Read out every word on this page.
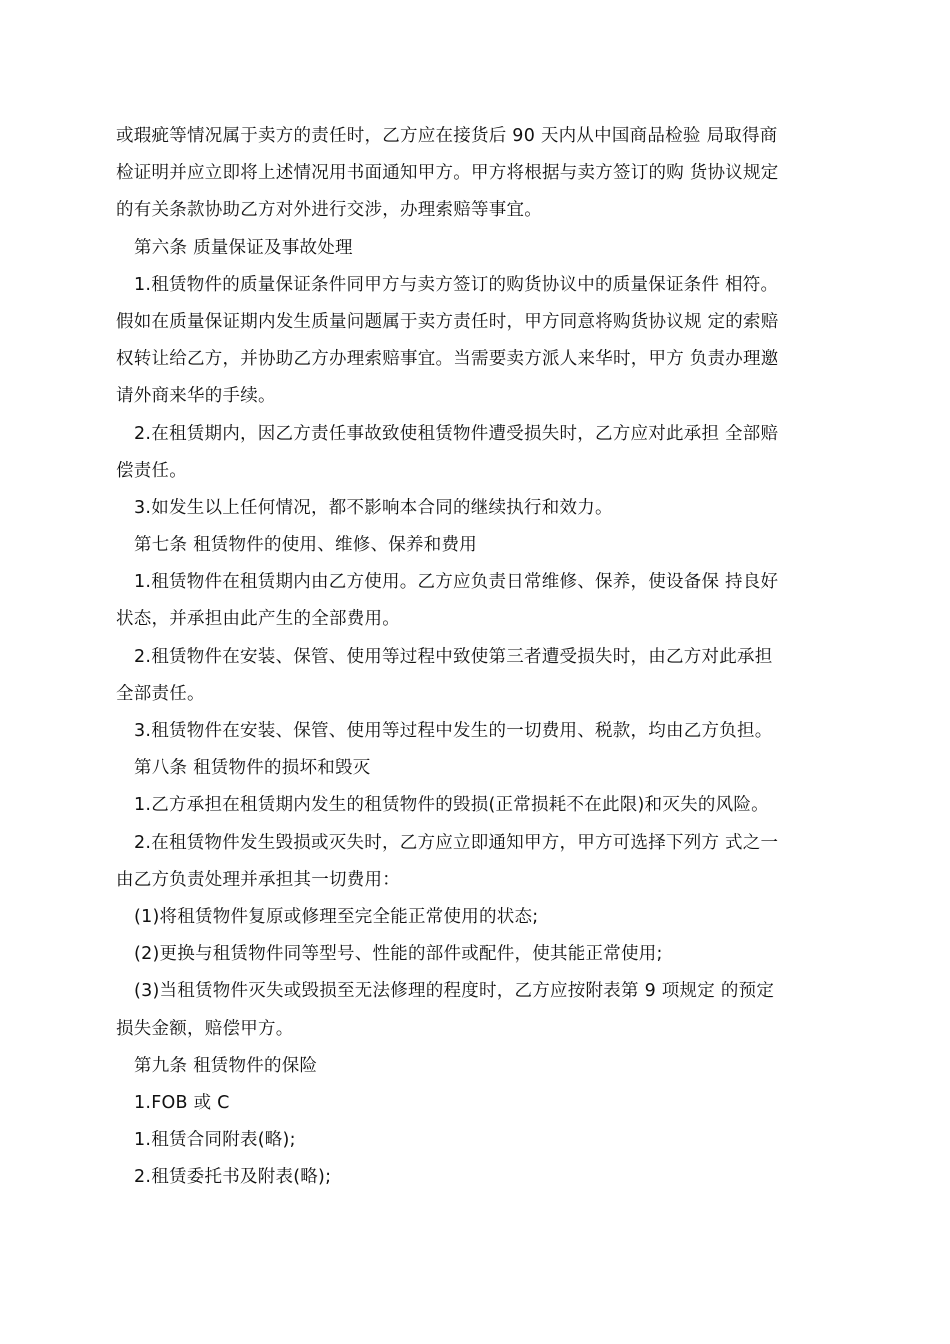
或瑕疵等情况属于卖方的责任时，乙方应在接货后 90 天内从中国商品检验 局取得商
检证明并应立即将上述情况用书面通知甲方。甲方将根据与卖方签订的购 货协议规定
的有关条款协助乙方对外进行交涉，办理索赔等事宜。
第六条 质量保证及事故处理
1.租赁物件的质量保证条件同甲方与卖方签订的购货协议中的质量保证条件 相符。
假如在质量保证期内发生质量问题属于卖方责任时，甲方同意将购货协议规 定的索赔
权转让给乙方，并协助乙方办理索赔事宜。当需要卖方派人来华时，甲方 负责办理邀
请外商来华的手续。
2.在租赁期内，因乙方责任事故致使租赁物件遭受损失时，乙方应对此承担 全部赔
偿责任。
3.如发生以上任何情况，都不影响本合同的继续执行和效力。
第七条 租赁物件的使用、维修、保养和费用
1.租赁物件在租赁期内由乙方使用。乙方应负责日常维修、保养，使设备保 持良好
状态，并承担由此产生的全部费用。
2.租赁物件在安装、保管、使用等过程中致使第三者遭受损失时，由乙方对此承担
全部责任。
3.租赁物件在安装、保管、使用等过程中发生的一切费用、税款，均由乙方负担。
第八条 租赁物件的损坏和毁灭
1.乙方承担在租赁期内发生的租赁物件的毁损(正常损耗不在此限)和灭失的风险。
2.在租赁物件发生毁损或灭失时，乙方应立即通知甲方，甲方可选择下列方 式之一
由乙方负责处理并承担其一切费用：
(1)将租赁物件复原或修理至完全能正常使用的状态;
(2)更换与租赁物件同等型号、性能的部件或配件，使其能正常使用;
(3)当租赁物件灭失或毁损至无法修理的程度时，乙方应按附表第 9 项规定 的预定
损失金额，赔偿甲方。
第九条 租赁物件的保险
1.FOB 或 C
1.租赁合同附表(略);
2.租赁委托书及附表(略);
